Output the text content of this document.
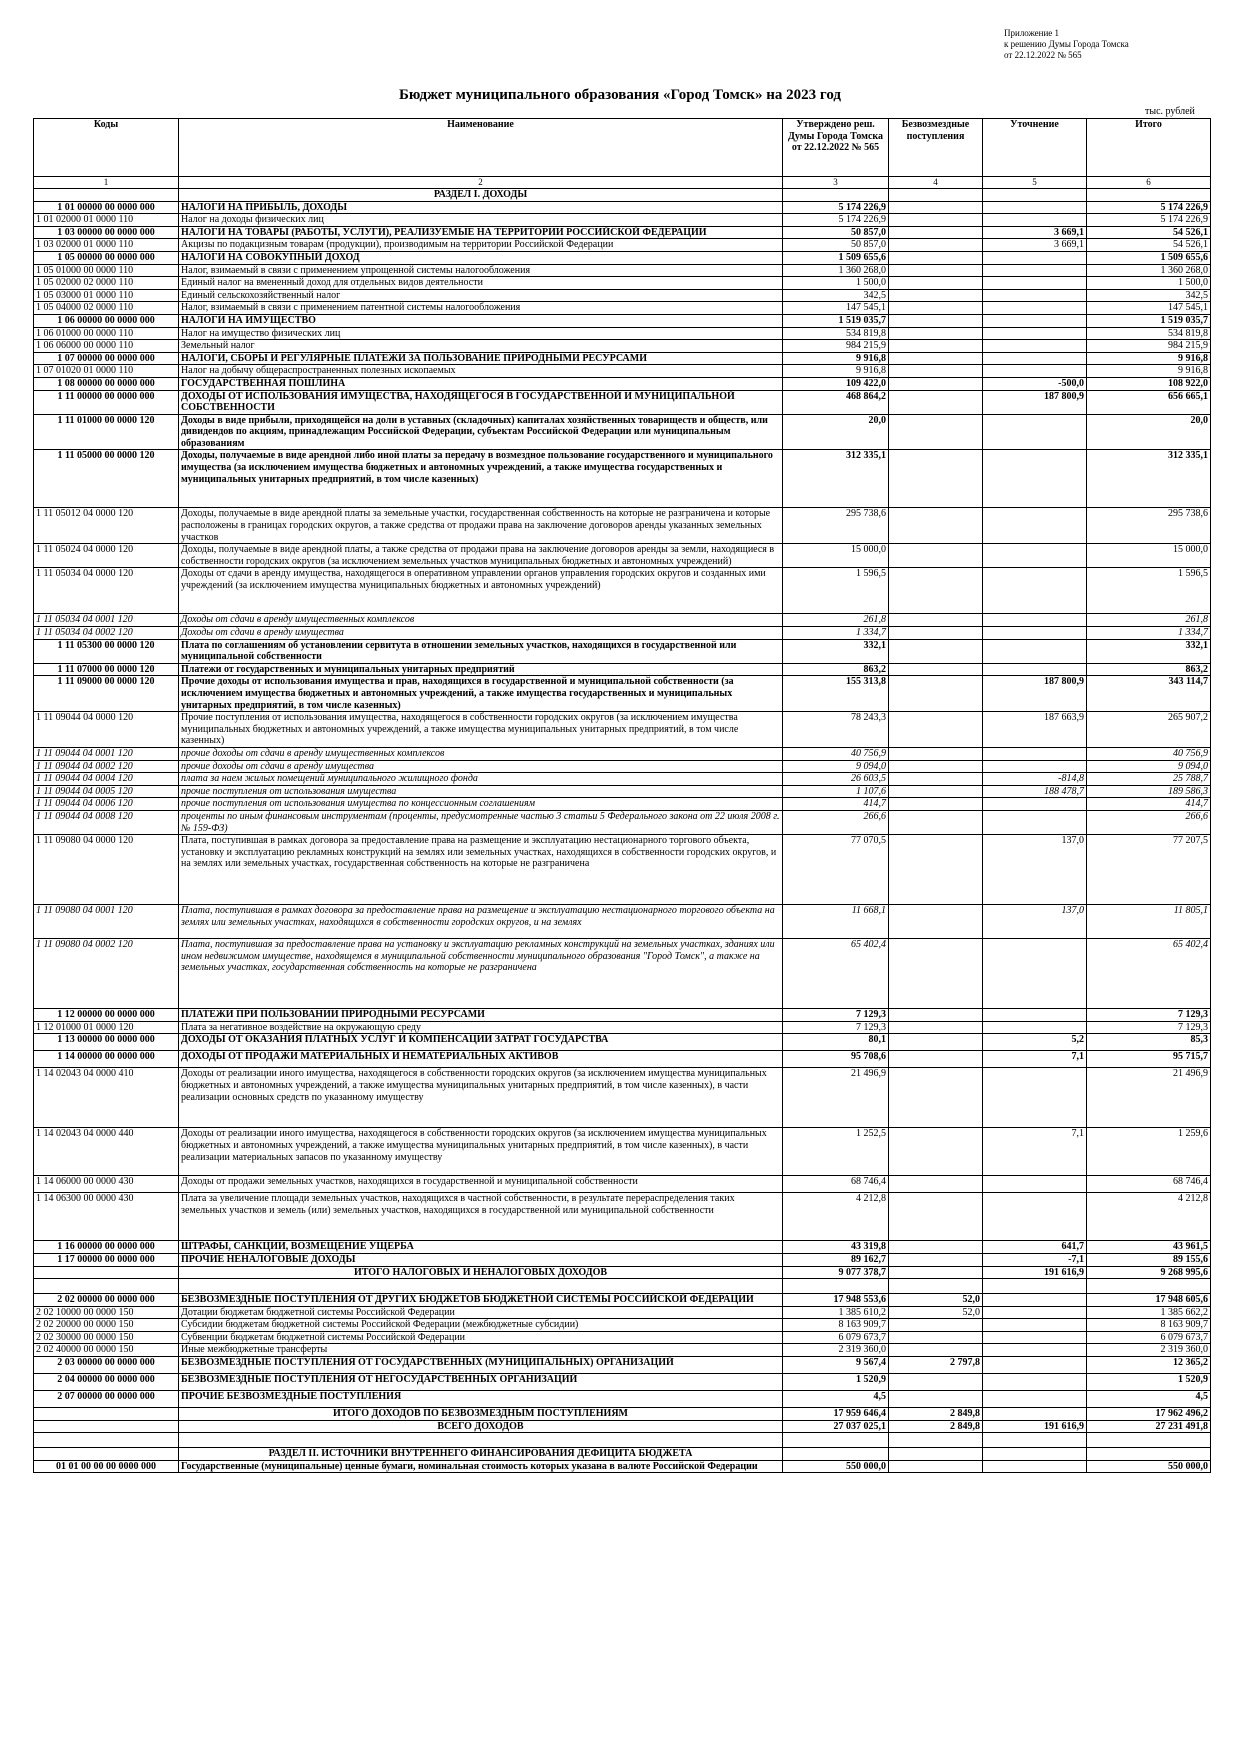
Приложение 1
к решению Думы Города Томска
от 22.12.2022 № 565
Бюджет муниципального образования «Город Томск» на 2023 год
тыс. рублей
Коды	Наименование	Утверждено реш. Думы Города Томска от 22.12.2022 № 565	Безвозмездные поступления	Уточнение	Итого
1	2	3	4	5	6
	РАЗДЕЛ I. ДОХОДЫ				
1 01 00000 00 0000 000	НАЛОГИ НА ПРИБЫЛЬ, ДОХОДЫ	5 174 226,9			5 174 226,9
1 01 02000 01 0000 110	Налог на доходы физических лиц	5 174 226,9			5 174 226,9
1 03 00000 00 0000 000	НАЛОГИ НА ТОВАРЫ (РАБОТЫ, УСЛУГИ), РЕАЛИЗУЕМЫЕ НА ТЕРРИТОРИИ РОССИЙСКОЙ ФЕДЕРАЦИИ	50 857,0		3 669,1	54 526,1
1 03 02000 01 0000 110	Акцизы по подакцизным товарам (продукции), производимым на территории Российской Федерации	50 857,0		3 669,1	54 526,1
1 05 00000 00 0000 000	НАЛОГИ НА СОВОКУПНЫЙ ДОХОД	1 509 655,6			1 509 655,6
1 05 01000 00 0000 110	Налог, взимаемый в связи с применением упрощенной системы налогообложения	1 360 268,0			1 360 268,0
1 05 02000 02 0000 110	Единый налог на вмененный доход для отдельных видов деятельности	1 500,0			1 500,0
1 05 03000 01 0000 110	Единый сельскохозяйственный налог	342,5			342,5
1 05 04000 02 0000 110	Налог, взимаемый в связи с применением патентной системы налогообложения	147 545,1			147 545,1
1 06 00000 00 0000 000	НАЛОГИ НА ИМУЩЕСТВО	1 519 035,7			1 519 035,7
1 06 01000 00 0000 110	Налог на имущество физических лиц	534 819,8			534 819,8
1 06 06000 00 0000 110	Земельный налог	984 215,9			984 215,9
1 07 00000 00 0000 000	НАЛОГИ, СБОРЫ И РЕГУЛЯРНЫЕ ПЛАТЕЖИ ЗА ПОЛЬЗОВАНИЕ ПРИРОДНЫМИ РЕСУРСАМИ	9 916,8			9 916,8
1 07 01020 01 0000 110	Налог на добычу общераспространенных полезных ископаемых	9 916,8			9 916,8
1 08 00000 00 0000 000	ГОСУДАРСТВЕННАЯ ПОШЛИНА	109 422,0		-500,0	108 922,0
1 11 00000 00 0000 000	ДОХОДЫ ОТ ИСПОЛЬЗОВАНИЯ ИМУЩЕСТВА, НАХОДЯЩЕГОСЯ В ГОСУДАРСТВЕННОЙ И МУНИЦИПАЛЬНОЙ СОБСТВЕННОСТИ	468 864,2		187 800,9	656 665,1
1 11 01000 00 0000 120	Доходы в виде прибыли, приходящейся на доли в уставных (складочных) капиталах хозяйственных товариществ и обществ, или дивидендов по акциям, принадлежащим Российской Федерации, субъектам Российской Федерации или муниципальным образованиям	20,0			20,0
1 11 05000 00 0000 120	Доходы, получаемые в виде арендной либо иной платы за передачу в возмездное пользование государственного и муниципального имущества (за исключением имущества бюджетных и автономных учреждений, а также имущества государственных и муниципальных унитарных предприятий, в том числе казенных)	312 335,1			312 335,1
1 11 05012 04 0000 120	Доходы, получаемые в виде арендной платы за земельные участки, государственная собственность на которые не разграничена и которые расположены в границах городских округов, а также средства от продажи права на заключение договоров аренды указанных земельных участков	295 738,6			295 738,6
1 11 05024 04 0000 120	Доходы, получаемые в виде арендной платы, а также средства от продажи права на заключение договоров аренды за земли, находящиеся в собственности городских округов (за исключением земельных участков муниципальных бюджетных и автономных учреждений)	15 000,0			15 000,0
1 11 05034 04 0000 120	Доходы от сдачи в аренду имущества, находящегося в оперативном управлении органов управления городских округов и созданных ими учреждений (за исключением имущества муниципальных бюджетных и автономных учреждений)	1 596,5			1 596,5
1 11 05034 04 0001 120	Доходы от сдачи в аренду имущественных комплексов	261,8			261,8
1 11 05034 04 0002 120	Доходы от сдачи в аренду имущества	1 334,7			1 334,7
1 11 05300 00 0000 120	Плата по соглашениям об установлении сервитута в отношении земельных участков, находящихся в государственной или муниципальной собственности	332,1			332,1
1 11 07000 00 0000 120	Платежи от государственных и муниципальных унитарных предприятий	863,2			863,2
1 11 09000 00 0000 120	Прочие доходы от использования имущества и прав, находящихся в государственной и муниципальной собственности (за исключением имущества бюджетных и автономных учреждений, а также имущества государственных и муниципальных унитарных предприятий, в том числе казенных)	155 313,8		187 800,9	343 114,7
1 11 09044 04 0000 120	Прочие поступления от использования имущества, находящегося в собственности городских округов (за исключением имущества муниципальных бюджетных и автономных учреждений, а также имущества муниципальных унитарных предприятий, в том числе казенных)	78 243,3		187 663,9	265 907,2
1 11 09044 04 0001 120	прочие доходы от сдачи в аренду имущественных комплексов	40 756,9			40 756,9
1 11 09044 04 0002 120	прочие доходы от сдачи в аренду имущества	9 094,0			9 094,0
1 11 09044 04 0004 120	плата за наем жилых помещений муниципального жилищного фонда	26 603,5		-814,8	25 788,7
1 11 09044 04 0005 120	прочие поступления от использования имущества	1 107,6		188 478,7	189 586,3
1 11 09044 04 0006 120	прочие поступления от использования имущества по концессионным соглашениям	414,7			414,7
1 11 09044 04 0008 120	проценты по иным финансовым инструментам (проценты, предусмотренные частью 3 статьи 5 Федерального закона от 22 июля 2008 г. № 159-ФЗ)	266,6			266,6
1 11 09080 04 0000 120	Плата, поступившая в рамках договора за предоставление права на размещение и эксплуатацию нестационарного торгового объекта, установку и эксплуатацию рекламных конструкций на землях или земельных участках, находящихся в собственности городских округов, и на землях или земельных участках, государственная собственность на которые не разграничена	77 070,5		137,0	77 207,5
1 11 09080 04 0001 120	Плата, поступившая в рамках договора за предоставление права на размещение и эксплуатацию нестационарного торгового объекта на землях или земельных участках, находящихся в собственности городских округов, и на землях	11 668,1		137,0	11 805,1
1 11 09080 04 0002 120	Плата, поступившая за предоставление права на установку и эксплуатацию рекламных конструкций на земельных участках, зданиях или ином недвижимом имуществе, находящемся в муниципальной собственности муниципального образования "Город Томск", а также на земельных участках, государственная собственность на которые не разграничена	65 402,4			65 402,4
1 12 00000 00 0000 000	ПЛАТЕЖИ ПРИ ПОЛЬЗОВАНИИ ПРИРОДНЫМИ РЕСУРСАМИ	7 129,3			7 129,3
1 12 01000 01 0000 120	Плата за негативное воздействие на окружающую среду	7 129,3			7 129,3
1 13 00000 00 0000 000	ДОХОДЫ ОТ ОКАЗАНИЯ ПЛАТНЫХ УСЛУГ И КОМПЕНСАЦИИ ЗАТРАТ ГОСУДАРСТВА	80,1		5,2	85,3
1 14 00000 00 0000 000	ДОХОДЫ ОТ ПРОДАЖИ МАТЕРИАЛЬНЫХ И НЕМАТЕРИАЛЬНЫХ АКТИВОВ	95 708,6		7,1	95 715,7
1 14 02043 04 0000 410	Доходы от реализации иного имущества, находящегося в собственности городских округов (за исключением имущества муниципальных бюджетных и автономных учреждений, а также имущества муниципальных унитарных предприятий, в том числе казенных), в части реализации основных средств по указанному имуществу	21 496,9			21 496,9
1 14 02043 04 0000 440	Доходы от реализации иного имущества, находящегося в собственности городских округов (за исключением имущества муниципальных бюджетных и автономных учреждений, а также имущества муниципальных унитарных предприятий, в том числе казенных), в части реализации материальных запасов по указанному имуществу	1 252,5		7,1	1 259,6
1 14 06000 00 0000 430	Доходы от продажи земельных участков, находящихся в государственной и муниципальной собственности	68 746,4			68 746,4
1 14 06300 00 0000 430	Плата за увеличение площади земельных участков, находящихся в частной собственности, в результате перераспределения таких земельных участков и земель (или) земельных участков, находящихся в государственной или муниципальной собственности	4 212,8			4 212,8
1 16 00000 00 0000 000	ШТРАФЫ, САНКЦИИ, ВОЗМЕЩЕНИЕ УЩЕРБА	43 319,8		641,7	43 961,5
1 17 00000 00 0000 000	ПРОЧИЕ НЕНАЛОГОВЫЕ ДОХОДЫ	89 162,7		-7,1	89 155,6
	ИТОГО НАЛОГОВЫХ И НЕНАЛОГОВЫХ ДОХОДОВ	9 077 378,7		191 616,9	9 268 995,6

2 02 00000 00 0000 000	БЕЗВОЗМЕЗДНЫЕ ПОСТУПЛЕНИЯ ОТ ДРУГИХ БЮДЖЕТОВ БЮДЖЕТНОЙ СИСТЕМЫ РОССИЙСКОЙ ФЕДЕРАЦИИ	17 948 553,6	52,0		17 948 605,6
2 02 10000 00 0000 150	Дотации бюджетам бюджетной системы Российской Федерации	1 385 610,2	52,0		1 385 662,2
2 02 20000 00 0000 150	Субсидии бюджетам бюджетной системы Российской Федерации (межбюджетные субсидии)	8 163 909,7			8 163 909,7
2 02 30000 00 0000 150	Субвенции бюджетам бюджетной системы Российской Федерации	6 079 673,7			6 079 673,7
2 02 40000 00 0000 150	Иные межбюджетные трансферты	2 319 360,0			2 319 360,0
2 03 00000 00 0000 000	БЕЗВОЗМЕЗДНЫЕ ПОСТУПЛЕНИЯ ОТ ГОСУДАРСТВЕННЫХ (МУНИЦИПАЛЬНЫХ) ОРГАНИЗАЦИЙ	9 567,4	2 797,8		12 365,2
2 04 00000 00 0000 000	БЕЗВОЗМЕЗДНЫЕ ПОСТУПЛЕНИЯ ОТ НЕГОСУДАРСТВЕННЫХ ОРГАНИЗАЦИЙ	1 520,9			1 520,9
2 07 00000 00 0000 000	ПРОЧИЕ БЕЗВОЗМЕЗДНЫЕ ПОСТУПЛЕНИЯ	4,5			4,5
	ИТОГО ДОХОДОВ ПО БЕЗВОЗМЕЗДНЫМ ПОСТУПЛЕНИЯМ	17 959 646,4	2 849,8		17 962 496,2
	ВСЕГО ДОХОДОВ	27 037 025,1	2 849,8	191 616,9	27 231 491,8

	РАЗДЕЛ II. ИСТОЧНИКИ ВНУТРЕННЕГО ФИНАНСИРОВАНИЯ ДЕФИЦИТА БЮДЖЕТА				
01 01 00 00 00 0000 000	Государственные (муниципальные) ценные бумаги, номинальная стоимость которых указана в валюте Российской Федерации	550 000,0			550 000,0
